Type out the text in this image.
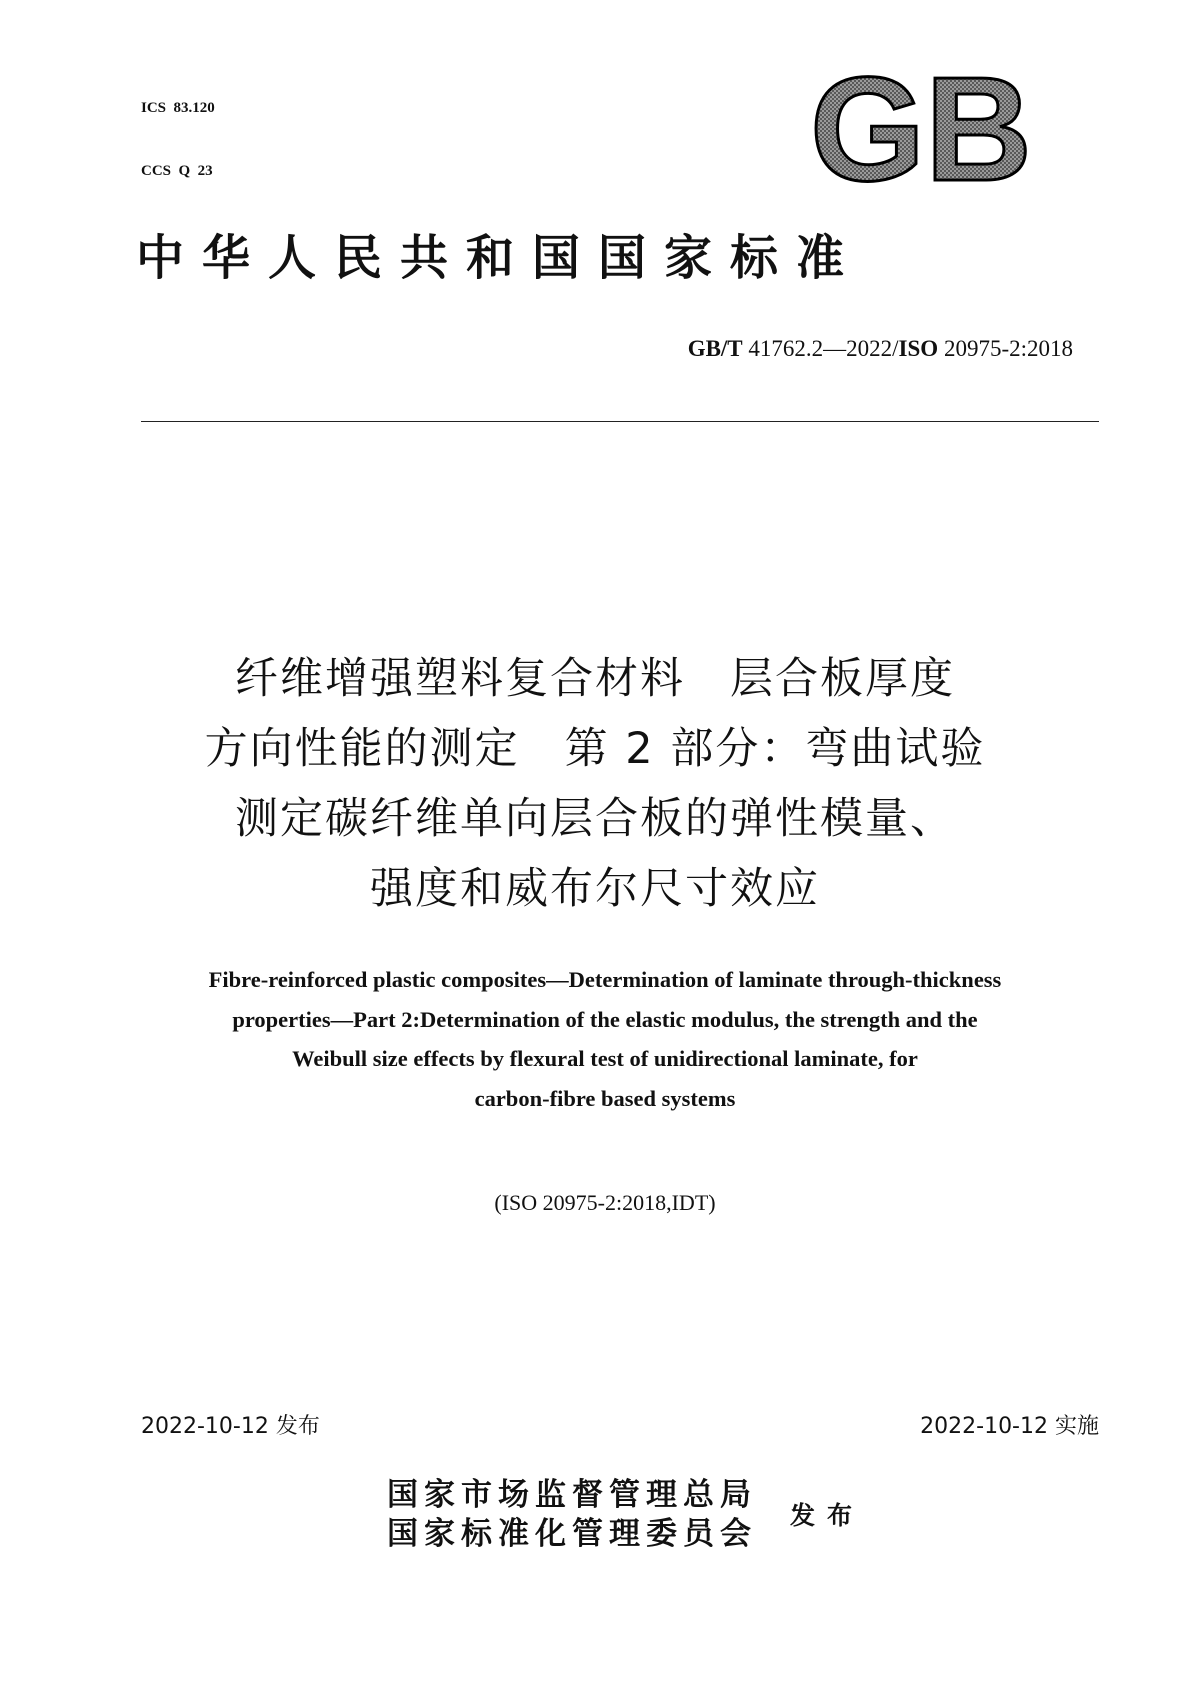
ICS  83.120

CCS  Q  23	GB
中华人民共和国国家标准
GB/T 41762.2—2022/ISO 20975-2:2018
纤维增强塑料复合材料　层合板厚度
方向性能的测定　第 2 部分：弯曲试验
测定碳纤维单向层合板的弹性模量、
强度和威布尔尺寸效应
Fibre-reinforced plastic composites—Determination of laminate through-thickness
properties—Part 2:Determination of the elastic modulus, the strength and the
Weibull size effects by flexural test of unidirectional laminate, for
carbon-fibre based systems
(ISO 20975-2:2018,IDT)
2022-10-12 发布	2022-10-12 实施
国家市场监督管理总局
国家标准化管理委员会
发布
